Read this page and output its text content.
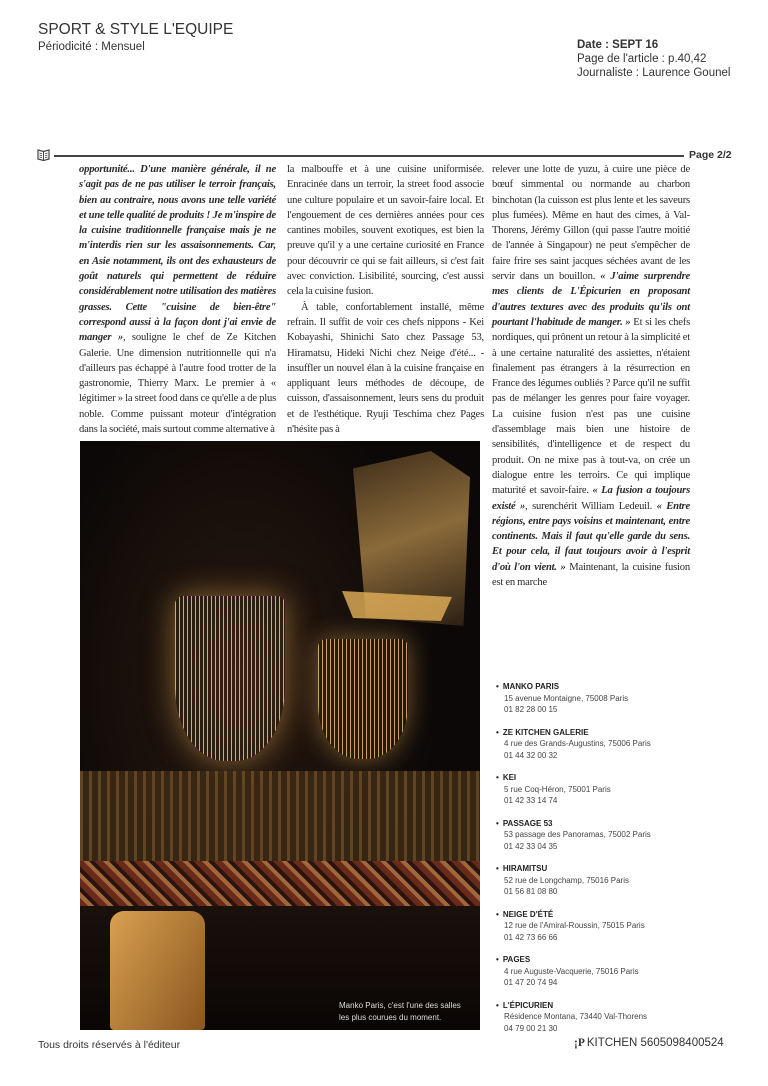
SPORT & STYLE L'EQUIPE
Périodicité : Mensuel	Date : SEPT 16
Page de l'article : p.40,42
Journaliste : Laurence Gounel
Page 2/2

opportunité... D'une manière générale, il ne s'agit pas de ne pas utiliser le terroir français, bien au contraire, nous avons une telle variété et une telle qualité de produits ! Je m'inspire de la cuisine traditionnelle française mais je ne m'interdis rien sur les assaisonnements. Car, en Asie notamment, ils ont des exhausteurs de goût naturels qui permettent de réduire considérablement notre utilisation des matières grasses. Cette "cuisine de bien-être" correspond aussi à la façon dont j'ai envie de manger », souligne le chef de Ze Kitchen Galerie. Une dimension nutritionnelle qui n'a d'ailleurs pas échappé à l'autre food trotter de la gastronomie, Thierry Marx. Le premier à « légitimer » la street food dans ce qu'elle a de plus noble. Comme puissant moteur d'intégration dans la société, mais surtout comme alternative à

la malbouffe et à une cuisine uniformisée. Enracinée dans un terroir, la street food associe une culture populaire et un savoir-faire local. Et l'engouement de ces dernières années pour ces cantines mobiles, souvent exotiques, est bien la preuve qu'il y a une certaine curiosité en France pour découvrir ce qui se fait ailleurs, si c'est fait avec conviction. Lisibilité, sourcing, c'est aussi cela la cuisine fusion.

À table, confortablement installé, même refrain. Il suffit de voir ces chefs nippons - Kei Kobayashi, Shinichi Sato chez Passage 53, Hiramatsu, Hideki Nichi chez Neige d'été... - insuffler un nouvel élan à la cuisine française en appliquant leurs méthodes de découpe, de cuisson, d'assaisonnement, leurs sens du produit et de l'esthétique. Ryuji Teschima chez Pages n'hésite pas à

relever une lotte de yuzu, à cuire une pièce de bœuf simmental ou normande au charbon binchotan (la cuisson est plus lente et les saveurs plus fumées). Même en haut des cimes, à Val-Thorens, Jérémy Gillon (qui passe l'autre moitié de l'année à Singapour) ne peut s'empêcher de faire frire ses saint jacques séchées avant de les servir dans un bouillon. « J'aime surprendre mes clients de L'Épicurien en proposant d'autres textures avec des produits qu'ils ont pourtant l'habitude de manger. » Et si les chefs nordiques, qui prônent un retour à la simplicité et à une certaine naturalité des assiettes, n'étaient finalement pas étrangers à la résurrection en France des légumes oubliés ? Parce qu'il ne suffit pas de mélanger les genres pour faire voyager. La cuisine fusion n'est pas une cuisine d'assemblage mais bien une histoire de sensibilités, d'intelligence et de respect du produit. On ne mixe pas à tout-va, on crée un dialogue entre les terroirs. Ce qui implique maturité et savoir-faire. « La fusion a toujours existé », surenchérit William Ledeuil. « Entre régions, entre pays voisins et maintenant, entre continents. Mais il faut qu'elle garde du sens. Et pour cela, il faut toujours avoir à l'esprit d'où l'on vient. » Maintenant, la cuisine fusion est en marche

Manko Paris, c'est l'une des salles les plus courues du moment.
• MANKO PARIS
15 avenue Montaigne, 75008 Paris
01 82 28 00 15
• ZE KITCHEN GALERIE
4 rue des Grands-Augustins, 75006 Paris
01 44 32 00 32
• KEI
5 rue Coq-Héron, 75001 Paris
01 42 33 14 74
• PASSAGE 53
53 passage des Panoramas, 75002 Paris
01 42 33 04 35
• HIRAMITSU
52 rue de Longchamp, 75016 Paris
01 56 81 08 80
• NEIGE D'ÉTÉ
12 rue de l'Amiral-Roussin, 75015 Paris
01 42 73 66 66
• PAGES
4 rue Auguste-Vacquerie, 75016 Paris
01 47 20 74 94
• L'ÉPICURIEN
Résidence Montana, 73440 Val-Thorens
04 79 00 21 30
Tous droits réservés à l'éditeur	¡P KITCHEN 5605098400524
